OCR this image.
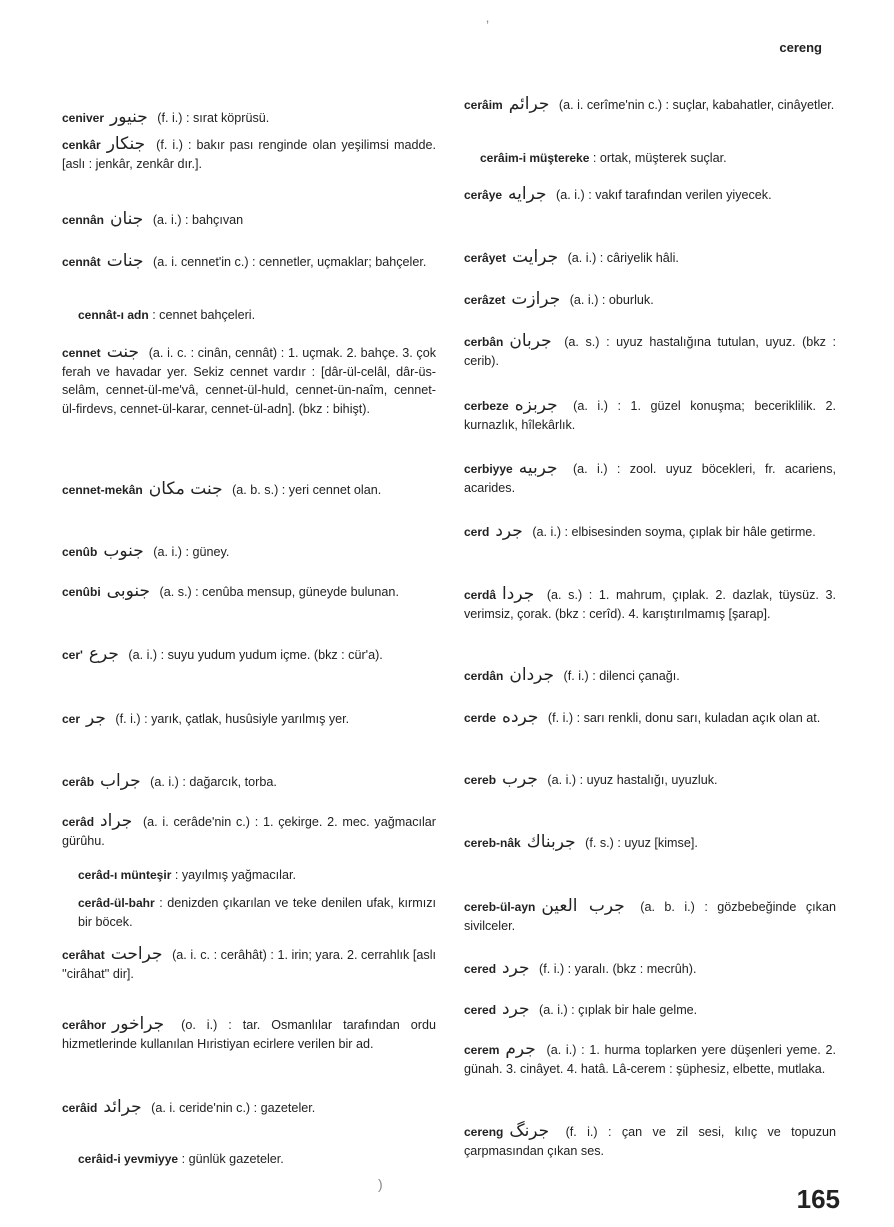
cereng
ceniver جنیور (f. i.) : sırat köprüsü.
cenkâr جنكار (f. i.) : bakır pası renginde olan yeşilimsi madde. [aslı : jenkâr, zenkâr dır.].
cennân جنان (a. i.) : bahçıvan
cennât جنات (a. i. cennet'in c.) : cennetler, uçmaklar; bahçeler.
cennât-ı adn : cennet bahçeleri.
cennet جنت (a. i. c. : cinân, cennât) : 1. uçmak. 2. bahçe. 3. çok ferah ve havadar yer. Sekiz cennet vardır : [dâr-ül-celâl, dâr-üs-selâm, cennet-ül-me'vâ, cennet-ül-huld, cennet-ün-naîm, cennet-ül-firdevs, cennet-ül-karar, cennet-ül-adn]. (bkz : bihişt).
cennet-mekân جنت مكان (a. b. s.) : yeri cennet olan.
cenûb جنوب (a. i.) : güney.
cenûbi جنوبی (a. s.) : cenûba mensup, güneyde bulunan.
cer' جرع (a. i.) : suyu yudum yudum içme. (bkz : cür'a).
cer جر (f. i.) : yarık, çatlak, husûsiyle yarılmış yer.
cerâb جراب (a. i.) : dağarcık, torba.
cerâd جراد (a. i. cerâde'nin c.) : 1. çekirge. 2. mec. yağmacılar gürûhu.
cerâd-ı münteşir : yayılmış yağmacılar.
cerâd-ül-bahr : denizden çıkarılan ve teke denilen ufak, kırmızı bir böcek.
cerâhat جراحت (a. i. c. : cerâhât) : 1. irin; yara. 2. cerrahlık [aslı ''cirâhat'' dir].
cerâhor جراخور (o. i.) : tar. Osmanlılar tarafından ordu hizmetlerinde kullanılan Hıristiyan ecirlere verilen bir ad.
cerâid جرائد (a. i. ceride'nin c.) : gazeteler.
cerâid-i yevmiyye : günlük gazeteler.
cerâim جرائم (a. i. cerîme'nin c.) : suçlar, kabahatler, cinâyetler.
cerâim-i müştereke : ortak, müşterek suçlar.
cerâye جرایه (a. i.) : vakıf tarafından verilen yiyecek.
cerâyet جرایت (a. i.) : câriyelik hâli.
cerâzet جرازت (a. i.) : oburluk.
cerbân جربان (a. s.) : uyuz hastalığına tutulan, uyuz. (bkz : cerib).
cerbeze جربزه (a. i.) : 1. güzel konuşma; beceriklilik. 2. kurnazlık, hîlekârlık.
cerbiyye جربیه (a. i.) : zool. uyuz böcekleri, fr. acariens, acarides.
cerd جرد (a. i.) : elbisesinden soyma, çıplak bir hâle getirme.
cerdâ جردا (a. s.) : 1. mahrum, çıplak. 2. dazlak, tüysüz. 3. verimsiz, çorak. (bkz : cerîd). 4. karıştırılmamış [şarap].
cerdân جردان (f. i.) : dilenci çanağı.
cerde جرده (f. i.) : sarı renkli, donu sarı, kuladan açık olan at.
cereb جرب (a. i.) : uyuz hastalığı, uyuzluk.
cereb-nâk جربناك (f. s.) : uyuz [kimse].
cereb-ül-ayn جرب العین (a. b. i.) : gözbebeğinde çıkan sivilceler.
cered جرد (f. i.) : yaralı. (bkz : mecrûh).
cered جرد (a. i.) : çıplak bir hale gelme.
cerem جرم (a. i.) : 1. hurma toplarken yere düşenleri yeme. 2. günah. 3. cinâyet. 4. hatâ. Lâ-cerem : şüphesiz, elbette, mutlaka.
cereng جرنگ (f. i.) : çan ve zil sesi, kılıç ve topuzun çarpmasından çıkan ses.
165
ʼ
)
